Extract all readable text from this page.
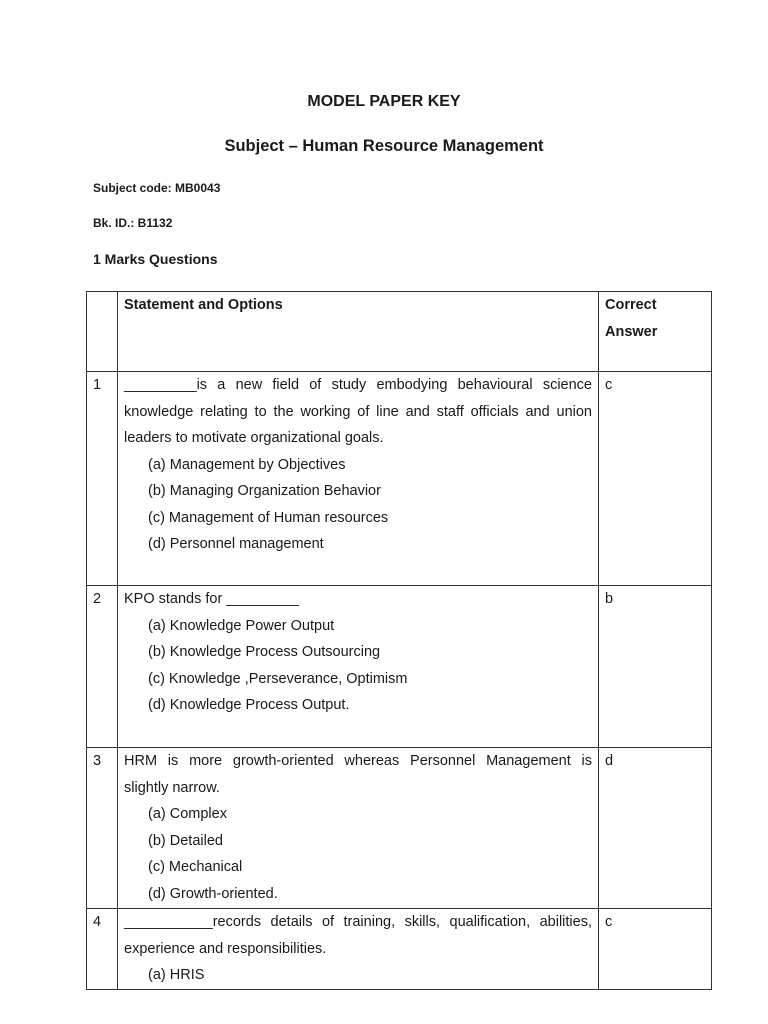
MODEL PAPER KEY
Subject – Human Resource Management
Subject code: MB0043
Bk. ID.: B1132
1 Marks Questions
	Statement and Options	Correct
Answer
1	_________is a new field of study embodying behavioural science knowledge relating to the working of line and staff officials and union leaders to motivate organizational goals.
(a) Management by Objectives
(b) Managing Organization Behavior
(c) Management of Human resources
(d) Personnel management	c
2	KPO stands for _________
(a) Knowledge Power Output
(b) Knowledge Process Outsourcing
(c) Knowledge ,Perseverance, Optimism
(d) Knowledge Process Output.	b
3	HRM is more growth-oriented whereas Personnel Management is slightly narrow.
(a) Complex
(b) Detailed
(c) Mechanical
(d) Growth-oriented.	d
4	___________records details of training, skills, qualification, abilities, experience and responsibilities.
(a) HRIS	c
